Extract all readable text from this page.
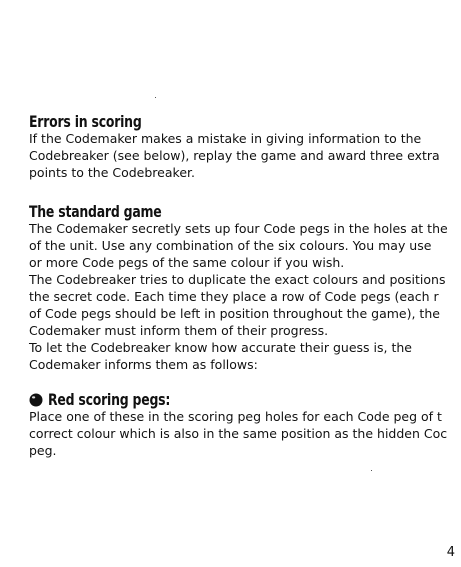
Errors in scoring

If the Codemaker makes a mistake in giving information to the
Codebreaker (see below), replay the game and award three extra
points to the Codebreaker.

The standard game

The Codemaker secretly sets up four Code pegs in the holes at the
of the unit. Use any combination of the six colours. You may use
or more Code pegs of the same colour if you wish.
The Codebreaker tries to duplicate the exact colours and positions
the secret code. Each time they place a row of Code pegs (each r
of Code pegs should be left in position throughout the game), the
Codemaker must inform them of their progress.
To let the Codebreaker know how accurate their guess is, the
Codemaker informs them as follows:

Red scoring pegs:

Place one of these in the scoring peg holes for each Code peg of t
correct colour which is also in the same position as the hidden Coc
peg.

4
